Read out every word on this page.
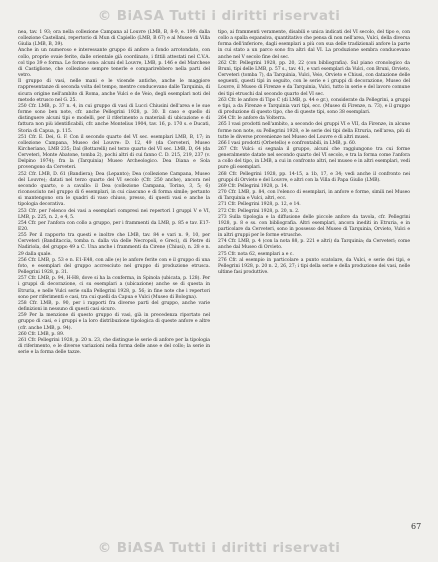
© BiASA Tutti i diritti riservati

nea, tav. 1 93; ora nella collezione Campana al Louvre (LMB, B, 8-9, e. 199: dalla collezione Castellani, repertorio di Mun di Capiello (LMB, B 67) e al Museo di Villa Giulia (LMB, B, 39).

Anche in un numeroso e interessante gruppo di anfore a fondo arrotondato, con collo, proprie ovaie ferite, dalle orientale già coordinato, i fittili attestati nel C.V.A. col tipo 39 e forma. Le forme sono: alcuni del Louvre, LMB, p. 146 e del Marchese di Castiglione, che collezione sempre tenerle e comparirebbero nella parti del vetro.

Il gruppo di vasi, nelle mani e le vicende antiche, anche le maggiore rappresentanze di seconda volta del tempo, mentre conducevano dalle Tarquinia, di sicura origine nell'ambito di Roma, anche Vulci e de Veio, degli esemplari noti del metodo etrusco nel G. 25.

250 Cfr. LMB, p. 37 n. 4, in cui gruppo di vasi di Lucci Chiusini dell'area e le sue forme sono ben note, cfr. anche Pellegrini 1928, p. 30. Il caso e quello di distinguere alcuni tipi e modelli, per il riferimento a materiali di ubicazione e di fattura non più identificabili, cfr. anche Montelius 1904, tav. 16, p. 170 s. e Ducati, Storia di Capua, p. 115.

251 Cfr. E. Dei, G. F. Con il secondo quarto del VI sec. esemplari LMB, B, 17; in collezione Campana, Museo del Louvre: D. 12, 49 (da Cerveteri, Museo Kircheriano, LMB 235; Dal (Bottarelli) nel terzo quarto del VI sec. LMB, D, 64 (da Cerveteri, Monte Abatone, tomba 2), pochi altri di cui fanno C. D. 215, 219, 237 (v. Delpino 1974); fra la (Tarquinia) Museo Archeologico. Dea Diana e Sola provengono da Cerveteri.

252 Cfr. LMB, D. 61 (Bandiera); Dea (Lepanto); Dea (collezione Campana, Museo del Louvre); datati nel terzo quarto del VI secolo (Cfr. 250 anche), ancora nel secondo quarto, o a cavallo: il Dea (collezione Campana, Torino, 3, 5; 6) riconosciuto nel gruppo di 6 esemplari, in cui ciascuno e di forma simile; pertanto si mantengono ora le quadri di vaso chiuso, presso, di questi vasi e anche la tipologia decorativa.

253 Cfr. per l'elenco dei vasi a esemplari compresi nei repertori I gruppi V e VI, LMB, p. 225, n. 2, e 4, 5.

254 Cfr. per l'anfora con collo a gruppo, per i frammenti da LMB, p. 85 e tav. E17-E20.

255 Per il rapporto tra questi e inoltre che LMB, tav. 84 e vari n. 9, 10, per Cerveteri (Banditaccia, tomba n. dalla via delle Necropoli, e Greci), di Pietre di Nadiriola, del gruppo 49 a C. Una anche i frammenti da Cirene (Chiusi), n. 28 e n. 29 dalla quale.

256 Cfr. LMB, p. 53 e n. E1-E48, con alle (e) le anfore ferite con e il gruppo di una foto, e esemplari del gruppo accresciuto nel gruppo di produzione etrusca. Pellegrini 1928, p. 31.

257 Cfr. LMB, p. 94, H-H8, dove si ha la conferma, in Spinola (ubicata, p. 128). Per i gruppi di decorazione, ci su esemplari a (ubicazione) anche se di questa in Etruria, e nelle Vulci serie sulla Pellegrini 1928, p. 56; in fine note che i repertori sono per riferimenti e casi, tra cui quelli da Capua e Vulci (Museo di Bologna).

258 Cfr. LMB, p. 90, per i rapporti fra diverse parti del gruppo, anche varie definizioni in nessuno di questi casi sicuro.

259 Per la menzione di questo gruppo di vasi, già in precedenza riportato nel gruppo di casi, e i gruppi e la loro distribuzione tipologica di queste anfore e altre (cfr. anche LMB, p. 94).

260 Cfr. LMB, p. 89.

261 Cfr. Pellegrini 1928, p. 20 n. 23, che distingue le serie di anfore per la tipologia di riferimento, e le diverse variazioni nella forma delle anse e del collo; la serie in serie e la forma delle tazze.

tipo, ai frammenti veramente, disabili e unica indicati del VI secolo, del tipo e, con collo a spalla espansiva, quantitativo che pensa di non nell'area, Vulci, della diversa forma dell'inferiore, dagli esemplari a più con sua delle tradizionali anfore la parte in cui stato a un parco sono fra altri dal VI. La produzione sembra conducevano anche nel V secolo fine del sec.

262 Cfr. Pellegrini 1928, pp. 20, 22 (con bibliografia). Sul piano cronologico da Bruni, tipi delle LMB, p. 57 s., tav. 41, e vari esemplari da Vulci, con Bruni, Orvieto, Cerveteri (tomba 7), da Tarquinia, Vulci, Veio, Orvieto e Chiusi, con datazione delle seguenti, questi tipi in seguito, con le serie e i gruppi di decorazione, Museo del Louvre, il Museo di Firenze e da Tarquinia, Vulci, tutto in serie e del lavoro comune dei tipi etruschi dal secondo quarto del VI sec.

263 Cfr. le anfore di Tipo C (di LMB, p. 44 e gr.), considerate da Pellegrini, a gruppi e tipi, a da Firenze e Tarquinia vari tipi, ecc. (Museo di Firenze, n. 73), e il gruppo di produzione di questo tipo, che di queste tipi, sono 38 esemplari.

264 Cfr. le anfore da Volterra.

265 I vasi prodotti nell'ambito, a secondo dei gruppi VI e VII, da Firenze, in alcune forme non note, su Pellegrini 1928, e le serie dei tipi della Etruria, nell'area, più di tutte le diverse provenienze nel Museo del Louvre e di altri musei.

266 I vasi prodotti (Orbetello) e confrontabili, in LMB, p. 60.

267 Cfr. Vulci: si segnala il gruppo, alcuni che raggiungono tra cui forme generalmente datate nel secondo quarto del VI secolo, e tra la forma come l'anfora a collo del tipo, in LMB, a cui in confronto altri, nel museo e in altri esemplari, vedi pure gli esemplari.

268 Cfr. Pellegrini 1928, pp. 14-15, a 1b, 17, e 34; vedi anche il confronto nei gruppi di Orvieto e del Louvre, e altri con la Villa di Papa Giulio (LMB).

269 Cfr. Pellegrini 1928, p. 14.

270 Cfr. LMB, p. 84, con l'elenco di esemplari, in anfore e forme, simili nel Museo di Tarquinia e Vulci, altri, ecc.

271 Cfr. Pellegrini 1928, p. 12, e 14.

272 Cfr. Pellegrini 1928, p. 20, n. 2.

273 Sulla tipologia e la diffusione delle piccole anfore da tavola, cfr. Pellegrini 1928, p. 8 e ss. con bibliografia. Altri esemplari, ancora inediti in Etruria, e in particolare da Cerveteri, sono in possesso del Museo di Tarquinia, Orvieto, Vulci e in altri gruppi per le forme etrusche.

274 Cfr. LMB, p. 4 (con la nota 88, p. 221 e altri) da Tarquinia; da Cerveteri; come anche dal Museo di Orvieto.

275 Cfr. nota 62, esemplari a e c.

276 Cfr. al esempio in particolare a punto scatolare, da Vulci, e serie dei tipi, e Pellegrini 1928, p. 20 n. 2, 26, 27; i tipi della serie e della produzione dei vasi, nelle ultime fasi produttive.

67
© BiASA Tutti i diritti riservati
